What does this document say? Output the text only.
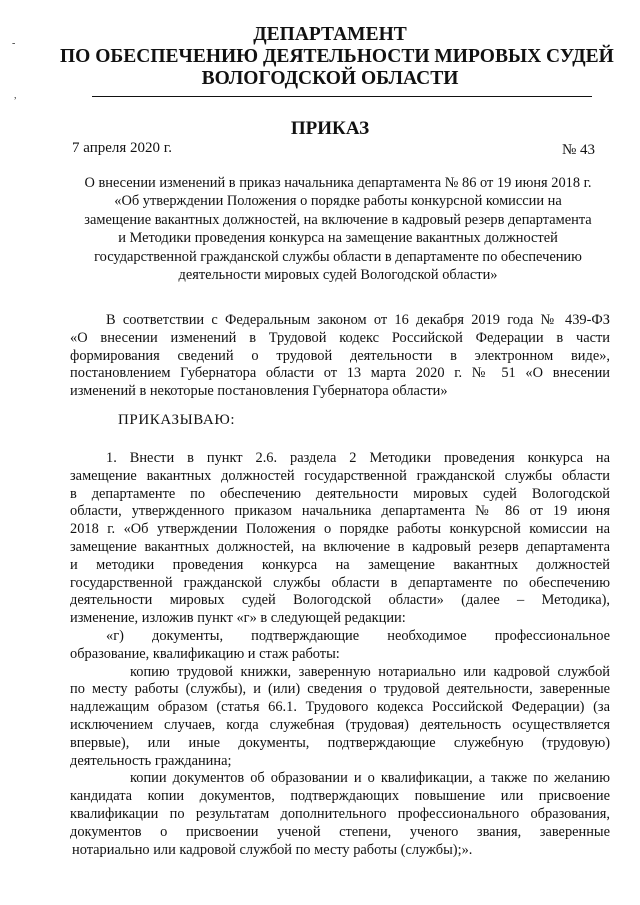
-
,
ДЕПАРТАМЕНТ
ПО ОБЕСПЕЧЕНИЮ ДЕЯТЕЛЬНОСТИ МИРОВЫХ СУДЕЙ
ВОЛОГОДСКОЙ ОБЛАСТИ
ПРИКАЗ
7 апреля 2020 г.	№ 43
О внесении изменений в приказ начальника департамента № 86 от 19 июня 2018 г.
«Об утверждении Положения о порядке работы конкурсной комиссии на
замещение вакантных должностей, на включение в кадровый резерв департамента
и Методики проведения конкурса на замещение вакантных должностей
государственной гражданской службы области в департаменте по обеспечению
деятельности мировых судей Вологодской области»
В соответствии с Федеральным законом от 16 декабря 2019 года № 439-ФЗ
«О внесении изменений в Трудовой кодекс Российской Федерации в части
формирования сведений о трудовой деятельности в электронном виде»,
постановлением Губернатора области от 13 марта 2020 г. № 51 «О внесении
изменений в некоторые постановления Губернатора области»
ПРИКАЗЫВАЮ:
1. Внести в пункт 2.6. раздела 2 Методики проведения конкурса на
замещение вакантных должностей государственной гражданской службы области
в департаменте по обеспечению деятельности мировых судей Вологодской
области, утвержденного приказом начальника департамента № 86 от 19 июня
2018 г. «Об утверждении Положения о порядке работы конкурсной комиссии на
замещение вакантных должностей, на включение в кадровый резерв департамента
и методики проведения конкурса на замещение вакантных должностей
государственной гражданской службы области в департаменте по обеспечению
деятельности мировых судей Вологодской области» (далее – Методика),
изменение, изложив пункт «г» в следующей редакции:
«г) документы, подтверждающие необходимое профессиональное
образование, квалификацию и стаж работы:
копию трудовой книжки, заверенную нотариально или кадровой службой
по месту работы (службы), и (или) сведения о трудовой деятельности, заверенные
надлежащим образом (статья 66.1. Трудового кодекса Российской Федерации) (за
исключением случаев, когда служебная (трудовая) деятельность осуществляется
впервые), или иные документы, подтверждающие служебную (трудовую)
деятельность гражданина;
копии документов об образовании и о квалификации, а также по желанию
кандидата копии документов, подтверждающих повышение или присвоение
квалификации по результатам дополнительного профессионального образования,
документов о присвоении ученой степени, ученого звания, заверенные
нотариально или кадровой службой по месту работы (службы);».
